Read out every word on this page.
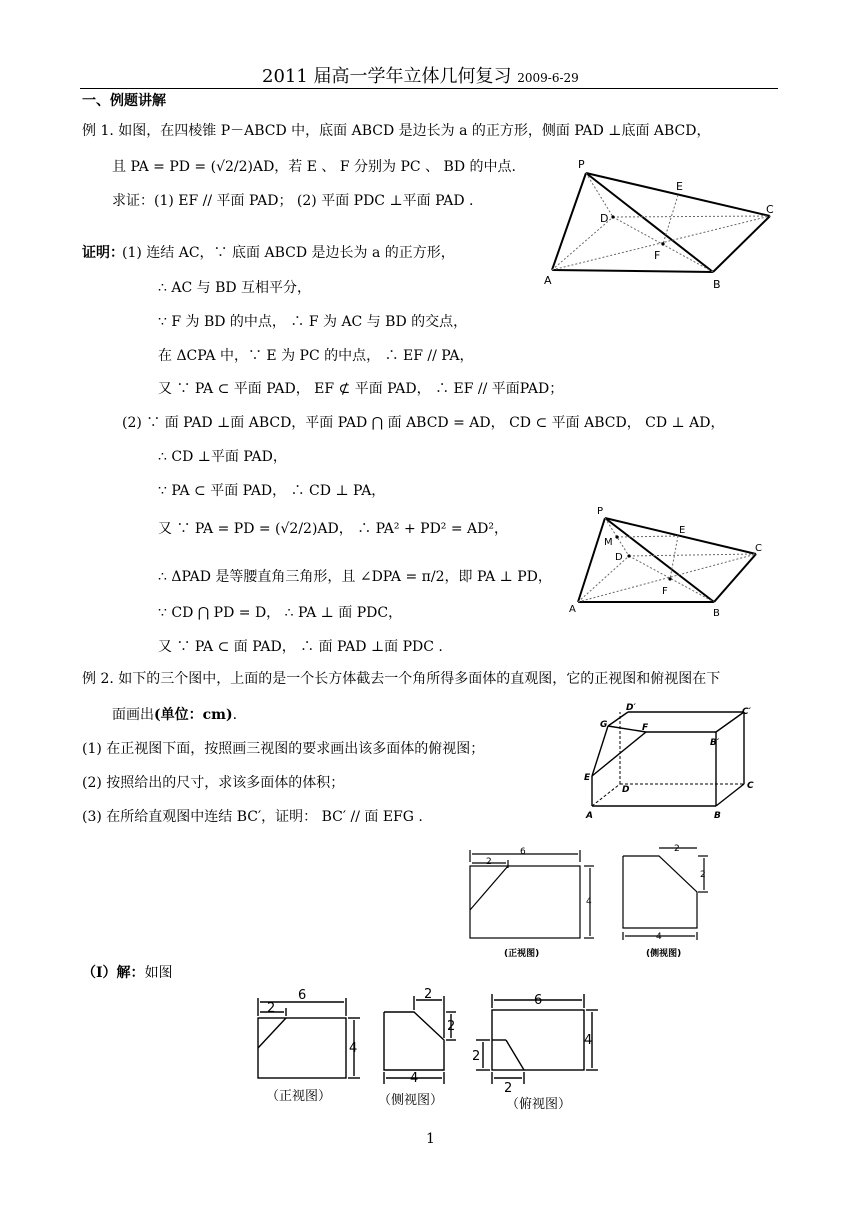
2011 届高一学年立体几何复习 2009-6-29
一、例题讲解
例 1. 如图，在四棱锥 P－ABCD 中，底面 ABCD 是边长为 a 的正方形，侧面 PAD ⊥底面 ABCD，
且 PA = PD = (√2/2)AD，若 E 、 F 分别为 PC 、 BD 的中点.
求证：(1) EF // 平面 PAD； (2) 平面 PDC ⊥平面 PAD .
证明：
(1) 连结 AC，∵ 底面 ABCD 是边长为 a 的正方形，
∴ AC 与 BD 互相平分，
∵ F 为 BD 的中点， ∴ F 为 AC 与 BD 的交点，
在 ΔCPA 中，∵ E 为 PC 的中点， ∴ EF // PA，
又 ∵ PA ⊂ 平面 PAD， EF ⊄ 平面 PAD， ∴ EF // 平面PAD；
(2) ∵ 面 PAD ⊥面 ABCD，平面 PAD ⋂ 面 ABCD = AD， CD ⊂ 平面 ABCD， CD ⊥ AD，
∴ CD ⊥平面 PAD，
∵ PA ⊂ 平面 PAD， ∴ CD ⊥ PA，
又 ∵ PA = PD = (√2/2)AD， ∴ PA² + PD² = AD²，
∴ ΔPAD 是等腰直角三角形，且 ∠DPA = π/2，即 PA ⊥ PD，
∵ CD ⋂ PD = D， ∴ PA ⊥ 面 PDC，
又 ∵ PA ⊂ 面 PAD， ∴ 面 PAD ⊥面 PDC .
P
A	B
C
D
E
F
P
M
A	B
C
D
E
F
例 2. 如下的三个图中，上面的是一个长方体截去一个角所得多面体的直观图，它的正视图和俯视图在下
面画出(单位：cm).
(1) 在正视图下面，按照画三视图的要求画出该多面体的俯视图；
(2) 按照给出的尺寸，求该多面体的体积；
(3) 在所给直观图中连结 BC′，证明： BC′ // 面 EFG .	A	B
C
D
E
F
G
B′
C′
D′
6
2
4
2
2
4
(正视图)	(侧视图)
（Ⅰ）解：如图
6
2
4
2
2
4
6
4
2
2
（正视图）	（侧视图）	（俯视图）
1
